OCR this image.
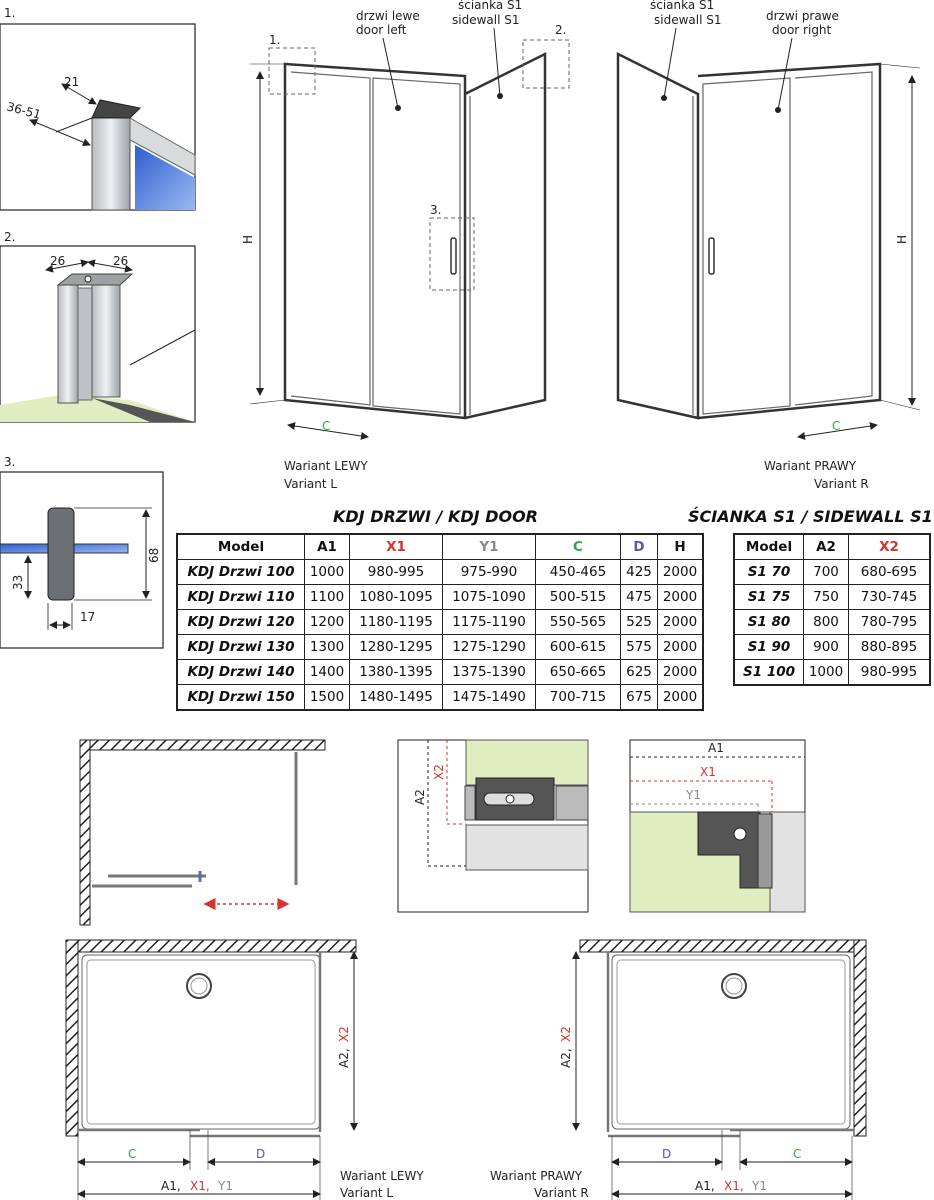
1.
21
36-51
2.
26	26
3.
68
33
17
1.
2.
3.
drzwi lewe
door left
ścianka S1
sidewall S1
H
C
Wariant LEWY
Variant L
ścianka S1
sidewall S1	drzwi prawe
door right
H
C
Wariant PRAWY
Variant R
A2
X2
A1
X1
Y1
C	D
A1, X1, Y1
A2,
X2
Wariant LEWY
Variant L
D	C
A1, X1, Y1
A2,
X2
Wariant PRAWY
Variant R
KDJ DRZWI / KDJ DOOR
Model	A1	X1	Y1	C	D	H
KDJ Drzwi 100	1000	980-995	975-990	450-465	425	2000
KDJ Drzwi 110	1100	1080-1095	1075-1090	500-515	475	2000
KDJ Drzwi 120	1200	1180-1195	1175-1190	550-565	525	2000
KDJ Drzwi 130	1300	1280-1295	1275-1290	600-615	575	2000
KDJ Drzwi 140	1400	1380-1395	1375-1390	650-665	625	2000
KDJ Drzwi 150	1500	1480-1495	1475-1490	700-715	675	2000
ŚCIANKA S1 / SIDEWALL S1
Model	A2	X2
S1 70	700	680-695
S1 75	750	730-745
S1 80	800	780-795
S1 90	900	880-895
S1 100	1000	980-995
